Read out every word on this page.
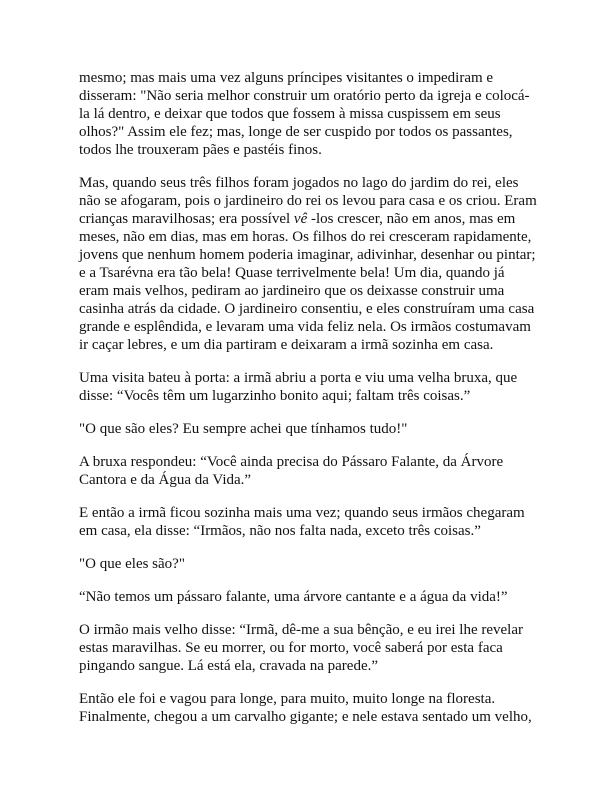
mesmo; mas mais uma vez alguns príncipes visitantes o impediram e
disseram: "Não seria melhor construir um oratório perto da igreja e colocá-
la lá dentro, e deixar que todos que fossem à missa cuspissem em seus
olhos?" Assim ele fez; mas, longe de ser cuspido por todos os passantes,
todos lhe trouxeram pães e pastéis finos.

Mas, quando seus três filhos foram jogados no lago do jardim do rei, eles
não se afogaram, pois o jardineiro do rei os levou para casa e os criou. Eram
crianças maravilhosas; era possível vê -los crescer, não em anos, mas em
meses, não em dias, mas em horas. Os filhos do rei cresceram rapidamente,
jovens que nenhum homem poderia imaginar, adivinhar, desenhar ou pintar;
e a Tsarévna era tão bela! Quase terrivelmente bela! Um dia, quando já
eram mais velhos, pediram ao jardineiro que os deixasse construir uma
casinha atrás da cidade. O jardineiro consentiu, e eles construíram uma casa
grande e esplêndida, e levaram uma vida feliz nela. Os irmãos costumavam
ir caçar lebres, e um dia partiram e deixaram a irmã sozinha em casa.

Uma visita bateu à porta: a irmã abriu a porta e viu uma velha bruxa, que
disse: “Vocês têm um lugarzinho bonito aqui; faltam três coisas.”

"O que são eles? Eu sempre achei que tínhamos tudo!"

A bruxa respondeu: “Você ainda precisa do Pássaro Falante, da Árvore
Cantora e da Água da Vida.”

E então a irmã ficou sozinha mais uma vez; quando seus irmãos chegaram
em casa, ela disse: “Irmãos, não nos falta nada, exceto três coisas.”

"O que eles são?"

“Não temos um pássaro falante, uma árvore cantante e a água da vida!”

O irmão mais velho disse: “Irmã, dê-me a sua bênção, e eu irei lhe revelar
estas maravilhas. Se eu morrer, ou for morto, você saberá por esta faca
pingando sangue. Lá está ela, cravada na parede.”

Então ele foi e vagou para longe, para muito, muito longe na floresta.
Finalmente, chegou a um carvalho gigante; e nele estava sentado um velho,
